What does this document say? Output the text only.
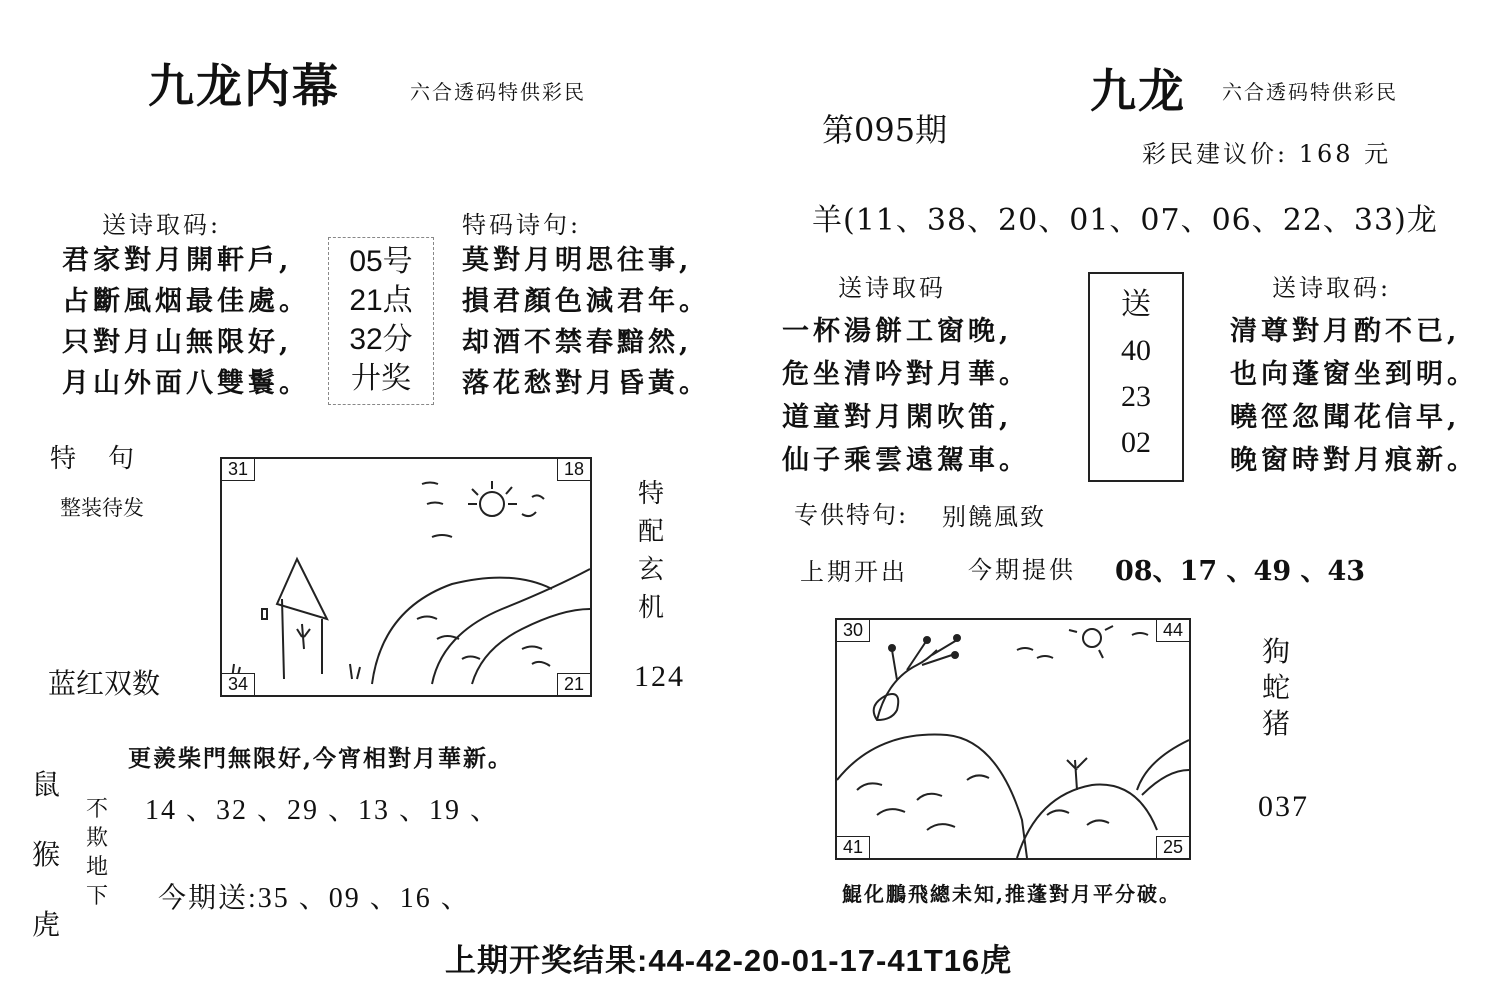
九龙内幕	六合透码特供彩民
送诗取码:
君家對月開軒戶,
占斷風烟最佳處。
只對月山無限好,
月山外面八雙鬟。
05号
21点
32分
廾奖
特码诗句:
莫對月明思往事,
損君顏色減君年。
却酒不禁春黯然,
落花愁對月昏黃。
特　句
整装待发
31	18
34	21
特
配
玄
机
124
蓝红双数
更羨柴門無限好,今宵相對月華新。
鼠
猴
虎
不
欺
地
下
14 、32 、29 、13 、19 、
今期送:35 、09 、16 、
第095期
九龙 六合透码特供彩民
彩民建议价: 168 元
羊(11、38、20、01、07、06、22、33)龙
送诗取码
一杯湯餅工窗晚,
危坐清吟對月華。
道童對月閑吹笛,
仙子乘雲遠駕車。
送
40
23
02
送诗取码:
清尊對月酌不已,
也向蓬窗坐到明。
曉徑忽聞花信早,
晚窗時對月痕新。
专供特句: 别饒風致
上期开出	今期提供 08、17 、49 、43
30	44
41	25
狗
蛇
猪
037
鯤化鵬飛總未知,推蓬對月平分破。
上期开奖结果:44-42-20-01-17-41T16虎
